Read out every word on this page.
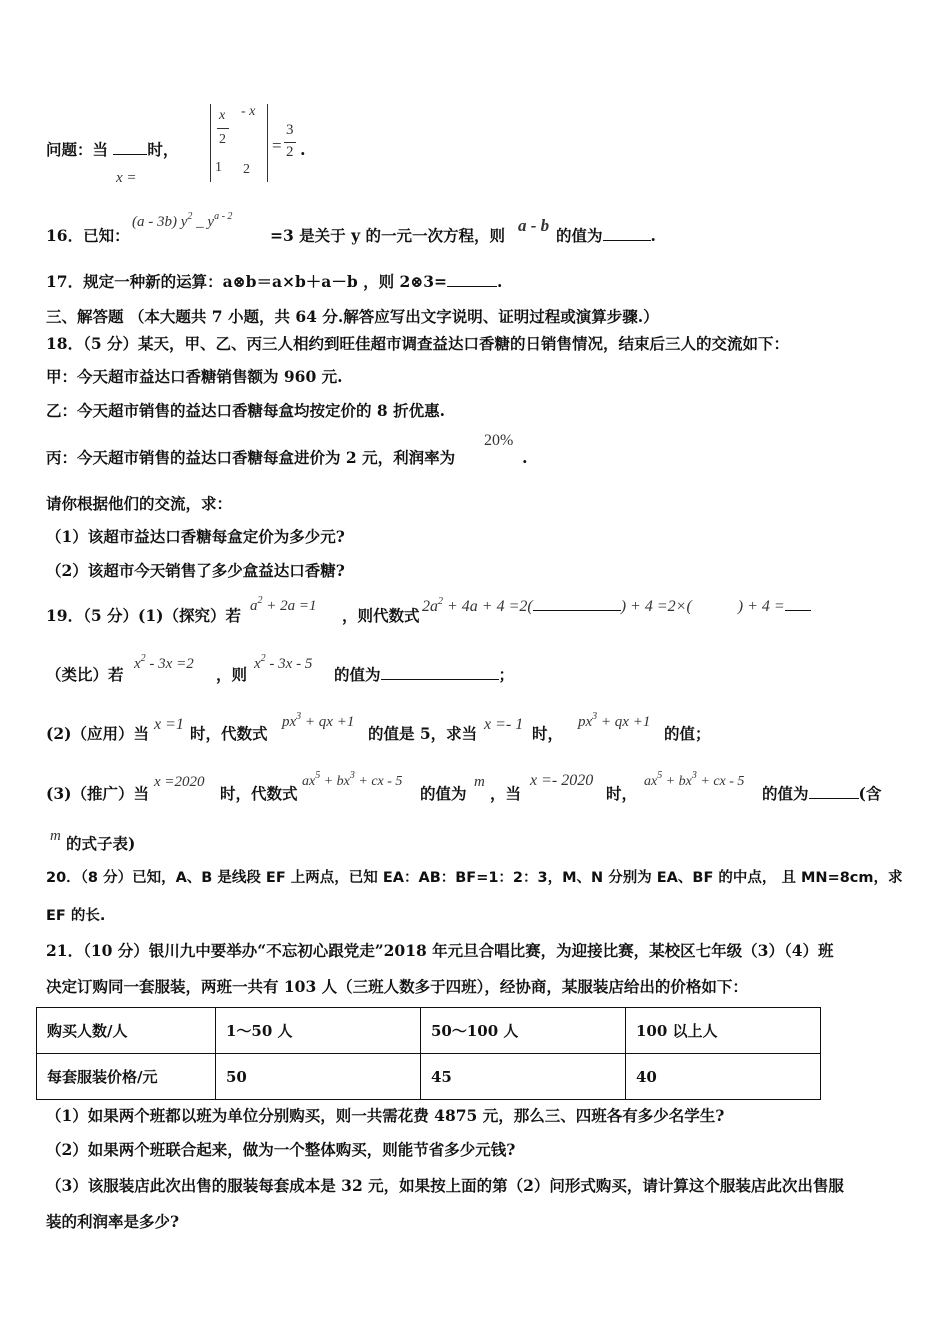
问题：当	时，
x =
x
2
- x
1 2
=
3
2 .
16．已知：
(a - 3b) $y^2$ _ $y^{a - 2}$
=3 是关于 y 的一元一次方程，则
a - b
的值为	.
17．规定一种新的运算：a⊗b＝a×b＋a－b ，则 2⊗3=	.
三、解答题 （本大题共 7 小题，共 64 分.解答应写出文字说明、证明过程或演算步骤.）
18．（5 分）某天，甲、乙、丙三人相约到旺佳超市调查益达口香糖的日销售情况，结束后三人的交流如下：
甲：今天超市益达口香糖销售额为 960 元.
乙：今天超市销售的益达口香糖每盒均按定价的 8 折优惠.
丙：今天超市销售的益达口香糖每盒进价为 2 元，利润率为
20%
.
请你根据他们的交流，求：
（1）该超市益达口香糖每盒定价为多少元?
（2）该超市今天销售了多少盒益达口香糖?
19．（5 分）(1)（探究）若 $a^2 + 2a =1$ ，则代数式 $2a^2 + 4a + 4 =2$(	) + 4 =2×(	) + 4 =
（类比）若
$x^2 - 3x =2$
，则
$x^2 - 3x - 5$
的值为	；
(2)（应用）当 x =1 时，代数式
$px^3$ + qx +1
的值是 5，求当 x =- 1 时，
$px^3$ + qx +1
的值；
(3)（推广）当
x =2020
时，代数式
$ax^5 + bx^3$ + cx - 5
的值为
m
，当
x =- 2020
时，
$ax^5 + bx^3$ + cx - 5
的值为	(含
m 的式子表)
20．（8 分）已知，A、B 是线段 EF 上两点，已知 EA：AB：BF=1：2：3，M、N 分别为 EA、BF 的中点， 且 MN=8cm，求
EF 的长.
21．（10 分）银川九中要举办“不忘初心跟党走”2018 年元旦合唱比赛，为迎接比赛，某校区七年级（3）（4）班
决定订购同一套服装，两班一共有 103 人（三班人数多于四班），经协商，某服装店给出的价格如下：
购买人数/人	1～50 人	50～100 人	100 以上人
每套服装价格/元	50	45	40
（1）如果两个班都以班为单位分别购买，则一共需花费 4875 元，那么三、四班各有多少名学生?
（2）如果两个班联合起来，做为一个整体购买，则能节省多少元钱?
（3）该服装店此次出售的服装每套成本是 32 元，如果按上面的第（2）问形式购买，请计算这个服装店此次出售服
装的利润率是多少?
